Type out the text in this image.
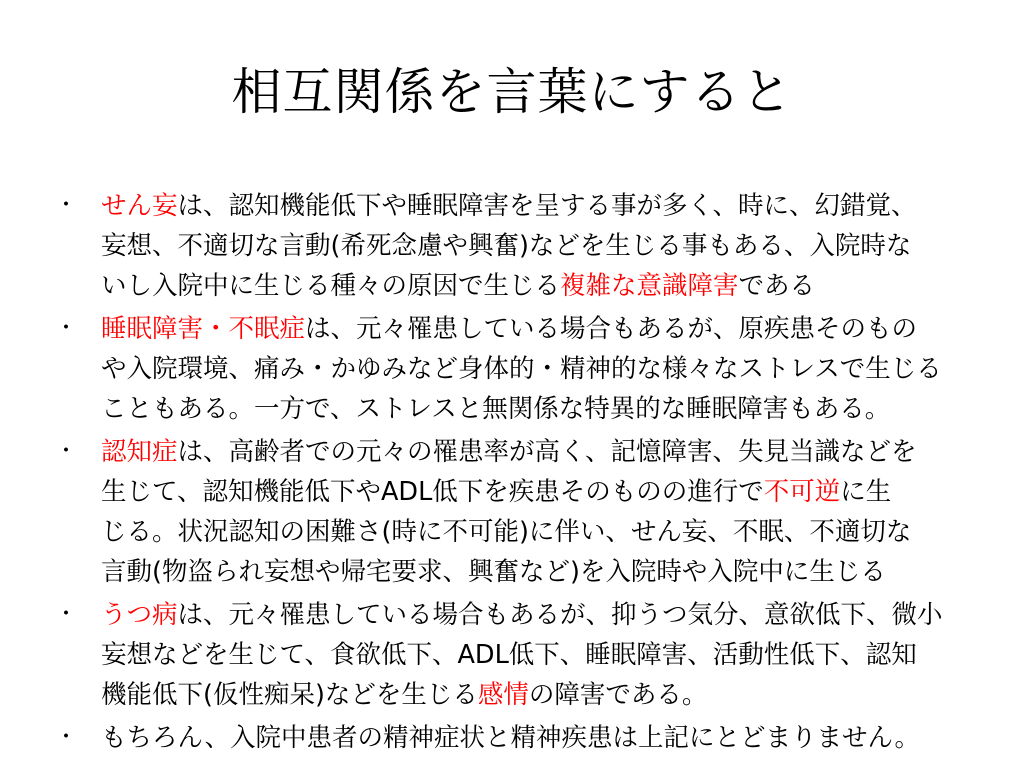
相互関係を言葉にすると
・ せん妄は、認知機能低下や睡眠障害を呈する事が多く、時に、幻錯覚、
妄想、不適切な言動(希死念慮や興奮)などを生じる事もある、入院時な
いし入院中に生じる種々の原因で生じる複雑な意識障害である
・ 睡眠障害・不眠症は、元々罹患している場合もあるが、原疾患そのもの
や入院環境、痛み・かゆみなど身体的・精神的な様々なストレスで生じる
こともある。一方で、ストレスと無関係な特異的な睡眠障害もある。
・ 認知症は、高齢者での元々の罹患率が高く、記憶障害、失見当識などを
生じて、認知機能低下やADL低下を疾患そのものの進行で不可逆に生
じる。状況認知の困難さ(時に不可能)に伴い、せん妄、不眠、不適切な
言動(物盗られ妄想や帰宅要求、興奮など)を入院時や入院中に生じる
・ うつ病は、元々罹患している場合もあるが、抑うつ気分、意欲低下、微小
妄想などを生じて、食欲低下、ADL低下、睡眠障害、活動性低下、認知
機能低下(仮性痴呆)などを生じる感情の障害である。
・ もちろん、入院中患者の精神症状と精神疾患は上記にとどまりません。
